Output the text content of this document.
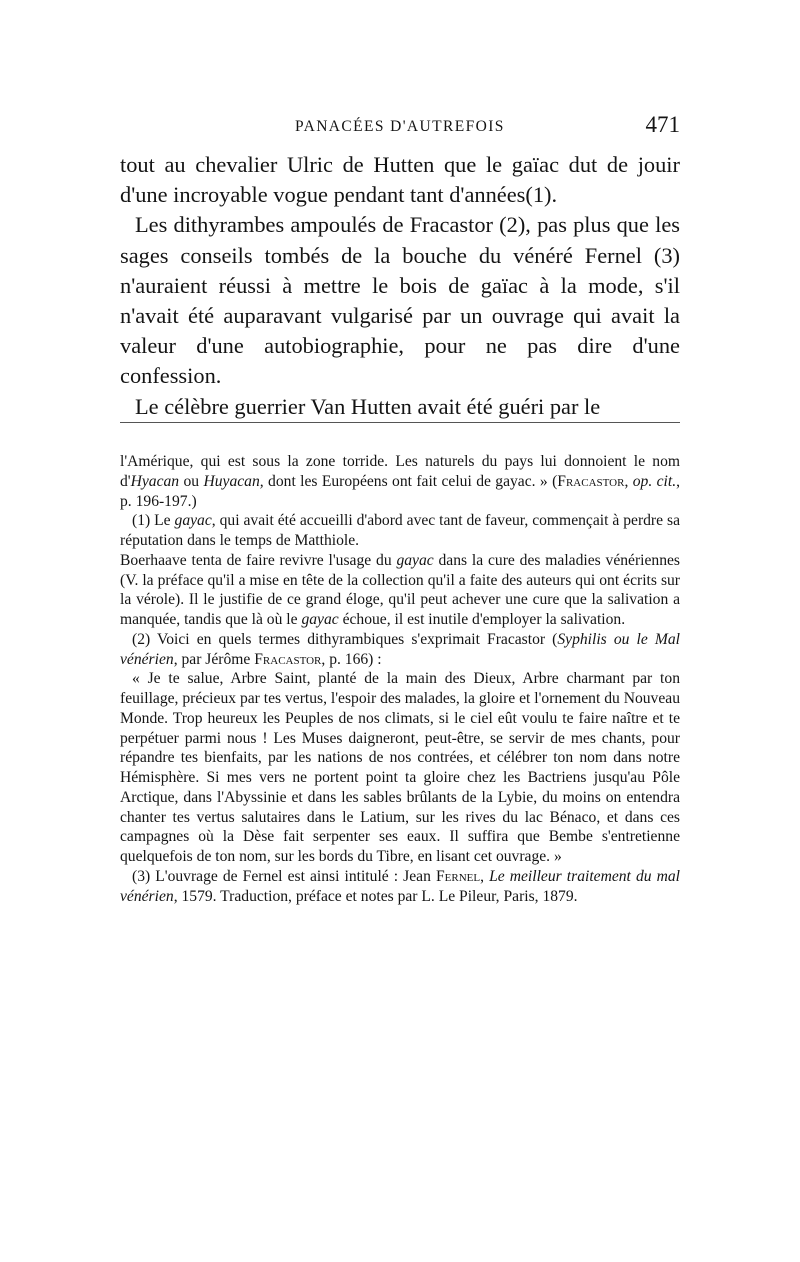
PANACÉES D'AUTREFOIS	471

tout au chevalier Ulric de Hutten que le gaïac dut de jouir d'une incroyable vogue pendant tant d'années(1).

Les dithyrambes ampoulés de Fracastor (2), pas plus que les sages conseils tombés de la bouche du vénéré Fernel (3) n'auraient réussi à mettre le bois de gaïac à la mode, s'il n'avait été auparavant vulgarisé par un ouvrage qui avait la valeur d'une autobiographie, pour ne pas dire d'une confession.

Le célèbre guerrier Van Hutten avait été guéri par le

l'Amérique, qui est sous la zone torride. Les naturels du pays lui donnoient le nom d'Hyacan ou Huyacan, dont les Européens ont fait celui de gayac. » (Fracastor, op. cit., p. 196-197.)

(1) Le gayac, qui avait été accueilli d'abord avec tant de faveur, commençait à perdre sa réputation dans le temps de Matthiole.

Boerhaave tenta de faire revivre l'usage du gayac dans la cure des maladies vénériennes (V. la préface qu'il a mise en tête de la collection qu'il a faite des auteurs qui ont écrits sur la vérole). Il le justifie de ce grand éloge, qu'il peut achever une cure que la salivation a manquée, tandis que là où le gayac échoue, il est inutile d'employer la salivation.

(2) Voici en quels termes dithyrambiques s'exprimait Fracastor (Syphilis ou le Mal vénérien, par Jérôme Fracastor, p. 166) :

« Je te salue, Arbre Saint, planté de la main des Dieux, Arbre charmant par ton feuillage, précieux par tes vertus, l'espoir des malades, la gloire et l'ornement du Nouveau Monde. Trop heureux les Peuples de nos climats, si le ciel eût voulu te faire naître et te perpétuer parmi nous ! Les Muses daigneront, peut-être, se servir de mes chants, pour répandre tes bienfaits, par les nations de nos contrées, et célébrer ton nom dans notre Hémisphère. Si mes vers ne portent point ta gloire chez les Bactriens jusqu'au Pôle Arctique, dans l'Abyssinie et dans les sables brûlants de la Lybie, du moins on entendra chanter tes vertus salutaires dans le Latium, sur les rives du lac Bénaco, et dans ces campagnes où la Dèse fait serpenter ses eaux. Il suffira que Bembe s'entretienne quelquefois de ton nom, sur les bords du Tibre, en lisant cet ouvrage. »

(3) L'ouvrage de Fernel est ainsi intitulé : Jean Fernel, Le meilleur traitement du mal vénérien, 1579. Traduction, préface et notes par L. Le Pileur, Paris, 1879.
